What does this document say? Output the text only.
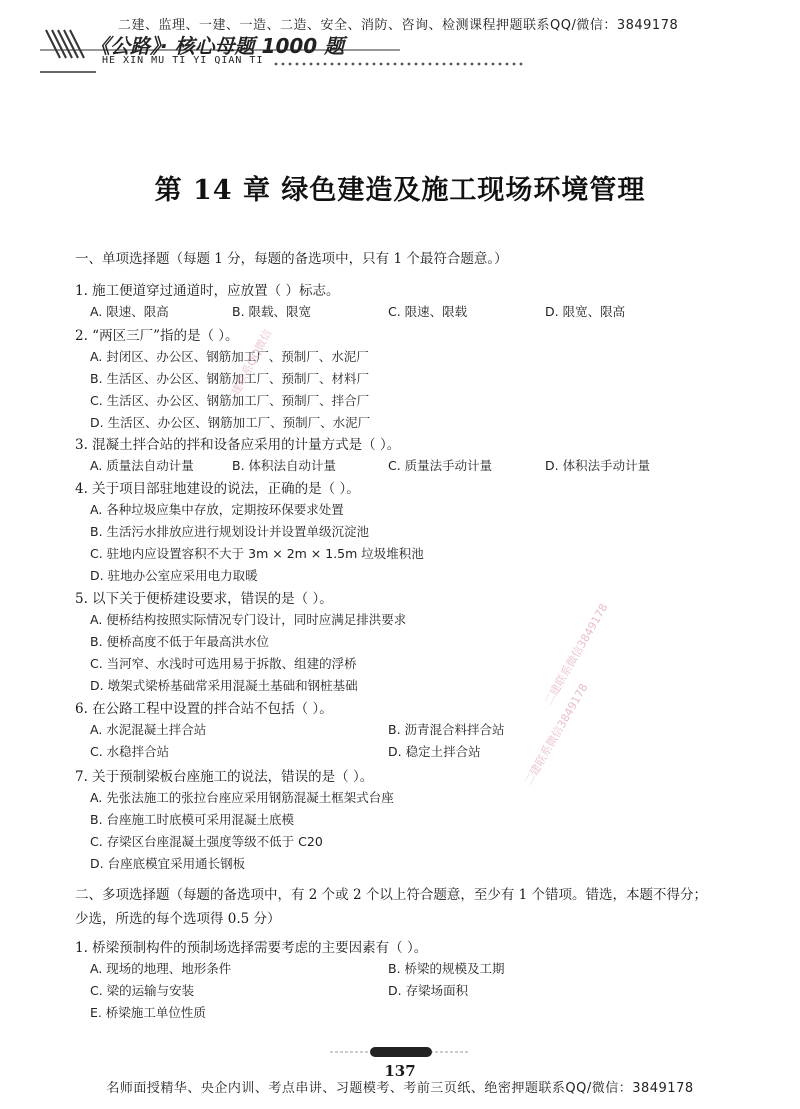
二建、监理、一建、一造、二造、安全、消防、咨询、检测课程押题联系QQ/微信：3849178
《公路》· 核心母题 1000 题
HE XIN MU TI YI QIAN TI
第 14 章 绿色建造及施工现场环境管理
一、单项选择题（每题 1 分，每题的备选项中，只有 1 个最符合题意。）
1. 施工便道穿过通道时，应放置（ ）标志。
A. 限速、限高	B. 限载、限宽	C. 限速、限载	D. 限宽、限高
2. “两区三厂”指的是（ ）。
A. 封闭区、办公区、钢筋加工厂、预制厂、水泥厂
B. 生活区、办公区、钢筋加工厂、预制厂、材料厂
C. 生活区、办公区、钢筋加工厂、预制厂、拌合厂
D. 生活区、办公区、钢筋加工厂、预制厂、水泥厂
3. 混凝土拌合站的拌和设备应采用的计量方式是（ ）。
A. 质量法自动计量	B. 体积法自动计量	C. 质量法手动计量	D. 体积法手动计量
4. 关于项目部驻地建设的说法，正确的是（ ）。
A. 各种垃圾应集中存放，定期按环保要求处置
B. 生活污水排放应进行规划设计并设置单级沉淀池
C. 驻地内应设置容积不大于 3m × 2m × 1.5m 垃圾堆积池
D. 驻地办公室应采用电力取暖
5. 以下关于便桥建设要求，错误的是（ ）。
A. 便桥结构按照实际情况专门设计，同时应满足排洪要求
B. 便桥高度不低于年最高洪水位
C. 当河窄、水浅时可选用易于拆散、组建的浮桥
D. 墩架式梁桥基础常采用混凝土基础和钢桩基础
6. 在公路工程中设置的拌合站不包括（ ）。
A. 水泥混凝土拌合站	B. 沥青混合料拌合站
C. 水稳拌合站	D. 稳定土拌合站
7. 关于预制梁板台座施工的说法，错误的是（ ）。
A. 先张法施工的张拉台座应采用钢筋混凝土框架式台座
B. 台座施工时底模可采用混凝土底模
C. 存梁区台座混凝土强度等级不低于 C20
D. 台座底模宜采用通长钢板
二、多项选择题（每题的备选项中，有 2 个或 2 个以上符合题意，至少有 1 个错项。错选，本题不得分；
少选，所选的每个选项得 0.5 分）
1. 桥梁预制构件的预制场选择需要考虑的主要因素有（ ）。
A. 现场的地理、地形条件	B. 桥梁的规模及工期
C. 梁的运输与安装	D. 存梁场面积
E. 桥梁施工单位性质
二建联系QQ微信
二建联系微信3849178
二建联系微信3849178
137
名师面授精华、央企内训、考点串讲、习题模考、考前三页纸、绝密押题联系QQ/微信：3849178
